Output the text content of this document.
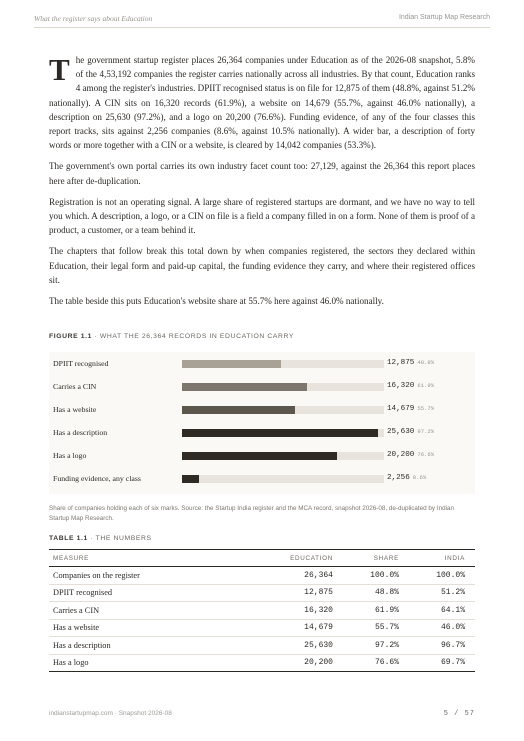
What the register says about Education	Indian Startup Map Research

The government startup register places 26,364 companies under Education as of the 2026-08 snapshot, 5.8% of the 4,53,192 companies the register carries nationally across all industries. By that count, Education ranks 4 among the register's industries. DPIIT recognised status is on file for 12,875 of them (48.8%, against 51.2% nationally). A CIN sits on 16,320 records (61.9%), a website on 14,679 (55.7%, against 46.0% nationally), a description on 25,630 (97.2%), and a logo on 20,200 (76.6%). Funding evidence, of any of the four classes this report tracks, sits against 2,256 companies (8.6%, against 10.5% nationally). A wider bar, a description of forty words or more together with a CIN or a website, is cleared by 14,042 companies (53.3%).

The government's own portal carries its own industry facet count too: 27,129, against the 26,364 this report places here after de-duplication.

Registration is not an operating signal. A large share of registered startups are dormant, and we have no way to tell you which. A description, a logo, or a CIN on file is a field a company filled in on a form. None of them is proof of a product, a customer, or a team behind it.

The chapters that follow break this total down by when companies registered, the sectors they declared within Education, their legal form and paid-up capital, the funding evidence they carry, and where their registered offices sit.

The table beside this puts Education's website share at 55.7% here against 46.0% nationally.

FIGURE 1.1 · WHAT THE 26,364 RECORDS IN EDUCATION CARRY
DPIIT recognised	12,875 48.8%
Carries a CIN	16,320 61.9%
Has a website	14,679 55.7%
Has a description	25,630 97.2%
Has a logo	20,200 76.6%
Funding evidence, any class	2,256 8.6%
Share of companies holding each of six marks. Source: the Startup India register and the MCA record, snapshot 2026-08, de-duplicated by Indian Startup Map Research.
TABLE 1.1 · THE NUMBERS
MEASURE	EDUCATION	SHARE	INDIA
Companies on the register	26,364	100.0%	100.0%
DPIIT recognised	12,875	48.8%	51.2%
Carries a CIN	16,320	61.9%	64.1%
Has a website	14,679	55.7%	46.0%
Has a description	25,630	97.2%	96.7%
Has a logo	20,200	76.6%	69.7%
indianstartupmap.com · Snapshot 2026-08	5 / 57
